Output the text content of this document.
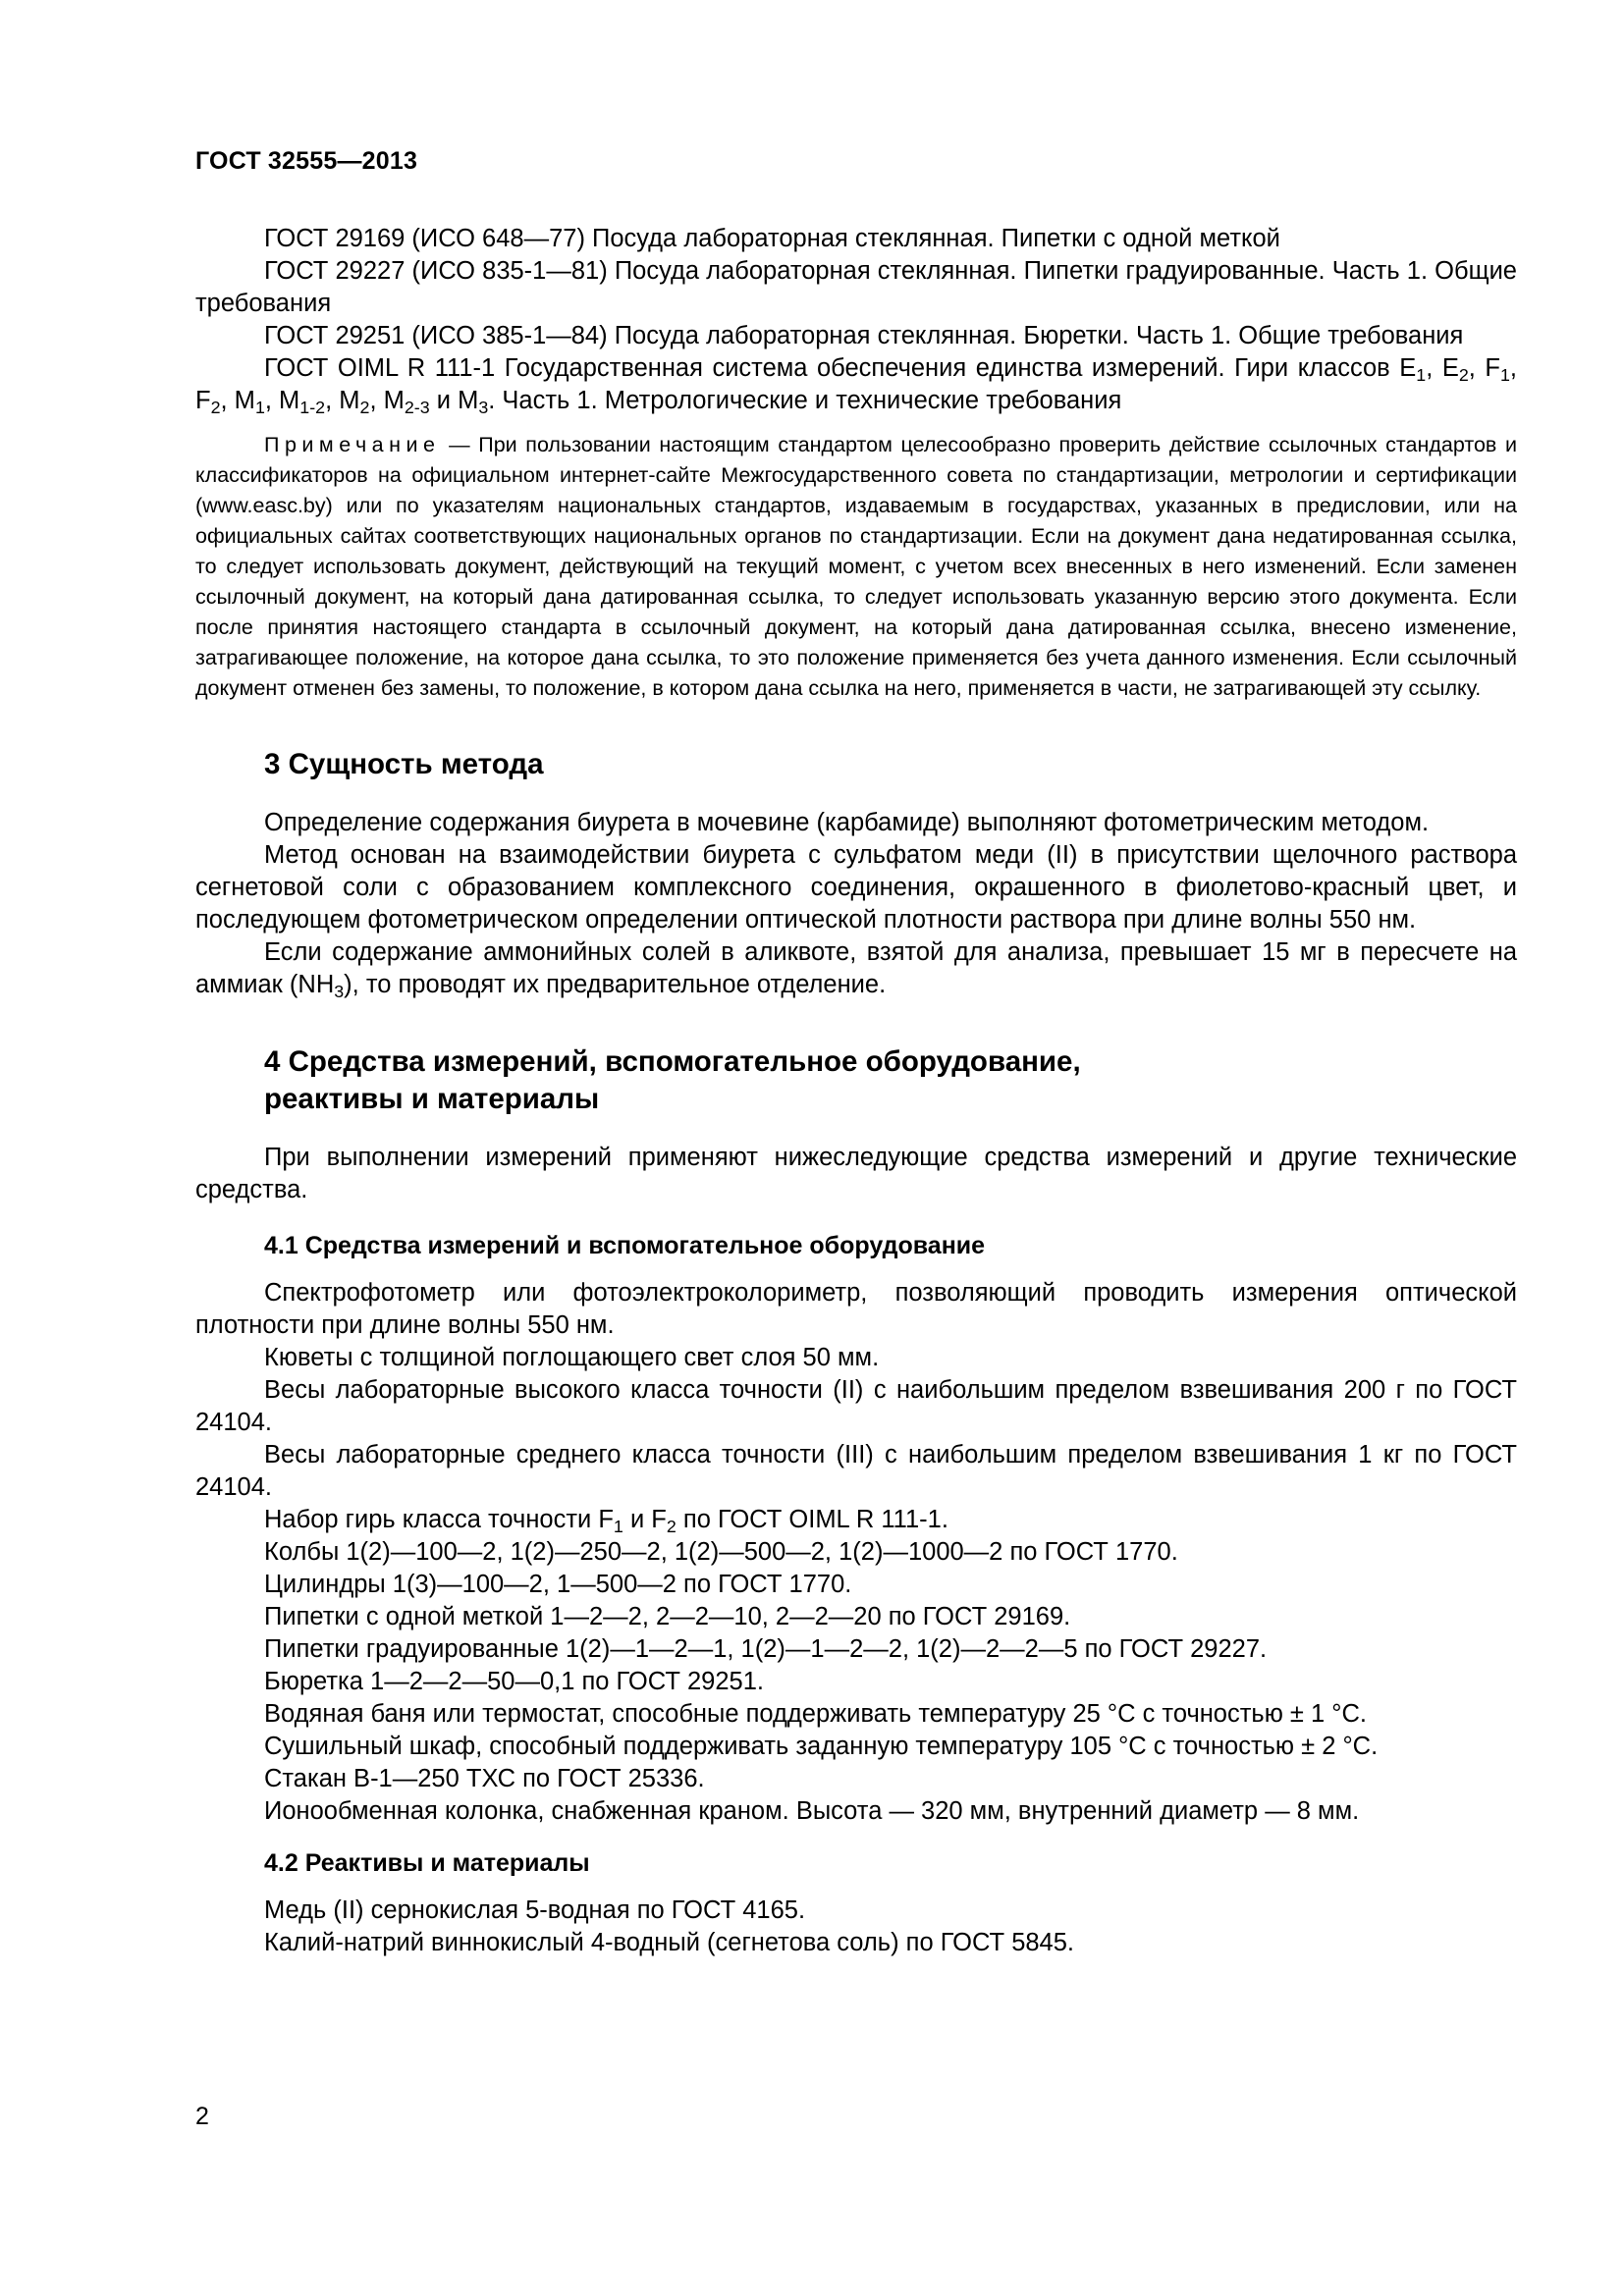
ГОСТ 32555—2013

ГОСТ 29169 (ИСО 648—77) Посуда лабораторная стеклянная. Пипетки с одной меткой

ГОСТ 29227 (ИСО 835-1—81) Посуда лабораторная стеклянная. Пипетки градуированные. Часть 1. Общие требования

ГОСТ 29251 (ИСО 385-1—84) Посуда лабораторная стеклянная. Бюретки. Часть 1. Общие требования

ГОСТ OIML R 111-1 Государственная система обеспечения единства измерений. Гири классов $E_1$, $E_2$, $F_1$, $F_2$, $M_1$, $M_{1-2}$, $M_2$, $M_{2-3}$ и $M_3$. Часть 1. Метрологические и технические требования

Примечание — При пользовании настоящим стандартом целесообразно проверить действие ссылочных стандартов и классификаторов на официальном интернет-сайте Межгосударственного совета по стандартизации, метрологии и сертификации (www.easc.by) или по указателям национальных стандартов, издаваемым в государствах, указанных в предисловии, или на официальных сайтах соответствующих национальных органов по стандартизации. Если на документ дана недатированная ссылка, то следует использовать документ, действующий на текущий момент, с учетом всех внесенных в него изменений. Если заменен ссылочный документ, на который дана датированная ссылка, то следует использовать указанную версию этого документа. Если после принятия настоящего стандарта в ссылочный документ, на который дана датированная ссылка, внесено изменение, затрагивающее положение, на которое дана ссылка, то это положение применяется без учета данного изменения. Если ссылочный документ отменен без замены, то положение, в котором дана ссылка на него, применяется в части, не затрагивающей эту ссылку.

3 Сущность метода

Определение содержания биурета в мочевине (карбамиде) выполняют фотометрическим методом.

Метод основан на взаимодействии биурета с сульфатом меди (II) в присутствии щелочного раствора сегнетовой соли с образованием комплексного соединения, окрашенного в фиолетово-красный цвет, и последующем фотометрическом определении оптической плотности раствора при длине волны 550 нм.

Если содержание аммонийных солей в аликвоте, взятой для анализа, превышает 15 мг в пересчете на аммиак $(NH_3)$, то проводят их предварительное отделение.

4 Средства измерений, вспомогательное оборудование,
реактивы и материалы

При выполнении измерений применяют нижеследующие средства измерений и другие технические средства.

4.1 Средства измерений и вспомогательное оборудование

Спектрофотометр или фотоэлектроколориметр, позволяющий проводить измерения оптической плотности при длине волны 550 нм.

Кюветы с толщиной поглощающего свет слоя 50 мм.

Весы лабораторные высокого класса точности (II) с наибольшим пределом взвешивания 200 г по ГОСТ 24104.

Весы лабораторные среднего класса точности (III) с наибольшим пределом взвешивания 1 кг по ГОСТ 24104.

Набор гирь класса точности $F_1$ и $F_2$ по ГОСТ OIML R 111-1.

Колбы 1(2)—100—2, 1(2)—250—2, 1(2)—500—2, 1(2)—1000—2 по ГОСТ 1770.

Цилиндры 1(3)—100—2, 1—500—2 по ГОСТ 1770.

Пипетки с одной меткой 1—2—2, 2—2—10, 2—2—20 по ГОСТ 29169.

Пипетки градуированные 1(2)—1—2—1, 1(2)—1—2—2, 1(2)—2—2—5 по ГОСТ 29227.

Бюретка 1—2—2—50—0,1 по ГОСТ 29251.

Водяная баня или термостат, способные поддерживать температуру 25 °С с точностью ± 1 °С.

Сушильный шкаф, способный поддерживать заданную температуру 105 °С с точностью ± 2 °С.

Стакан В-1—250 ТХС по ГОСТ 25336.

Ионообменная колонка, снабженная краном. Высота — 320 мм, внутренний диаметр — 8 мм.

4.2 Реактивы и материалы

Медь (II) сернокислая 5-водная по ГОСТ 4165.

Калий-натрий виннокислый 4-водный (сегнетова соль) по ГОСТ 5845.

2
